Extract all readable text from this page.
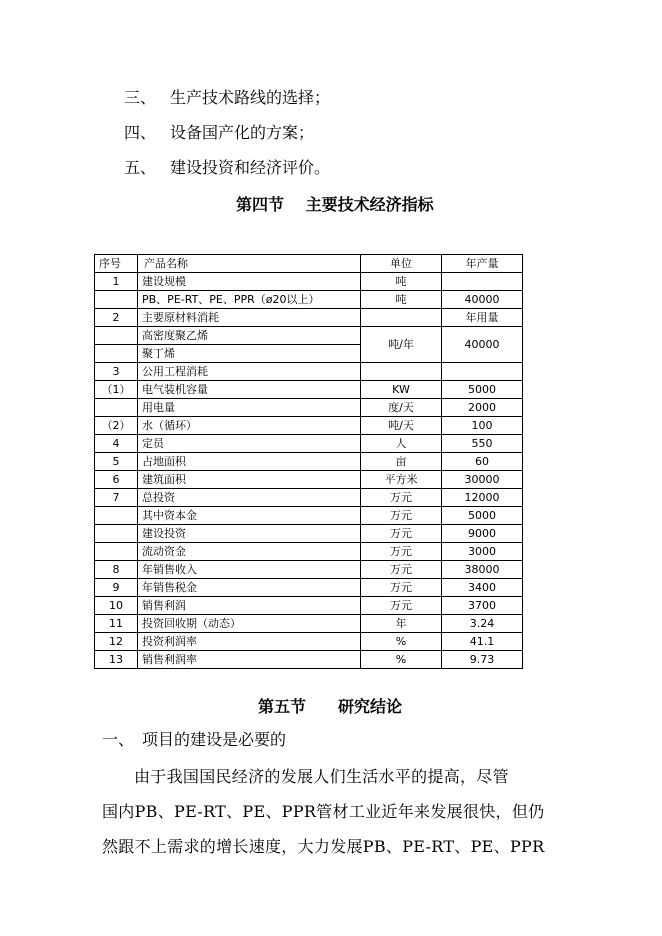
三、 生产技术路线的选择；
四、 设备国产化的方案；
五、 建设投资和经济评价。
第四节　 主要技术经济指标
序号	产品名称	单位	年产量
1	建设规模	吨	
	PB、PE-RT、PE、PPR（ø20以上）	吨	40000
2	主要原材料消耗		年用量
	高密度聚乙烯	吨/年	40000
	聚丁烯		
3	公用工程消耗		
（1）	电气装机容量	KW	5000
	用电量	度/天	2000
（2）	水（循环）	吨/天	100
4	定员	人	550
5	占地面积	亩	60
6	建筑面积	平方米	30000
7	总投资	万元	12000
	其中资本金	万元	5000
	建设投资	万元	9000
	流动资金	万元	3000
8	年销售收入	万元	38000
9	年销售税金	万元	3400
10	销售利润	万元	3700
11	投资回收期（动态）	年	3.24
12	投资利润率	%	41.1
13	销售利润率	%	9.73
第五节　　研究结论
一、　项目的建设是必要的
由于我国国民经济的发展人们生活水平的提高，尽管
国内PB、PE-RT、PE、PPR管材工业近年来发展很快，但仍
然跟不上需求的增长速度，大力发展PB、PE-RT、PE、PPR
